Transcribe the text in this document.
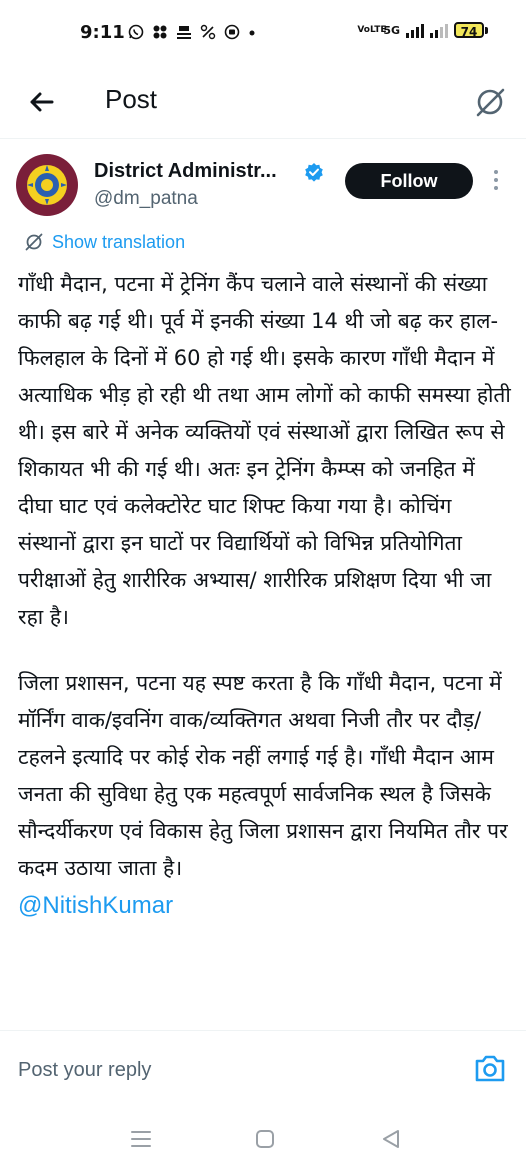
9:11	VoLTE
5G	74
Post
District Administr...
@dm_patna
Follow
Show translation

गाँधी मैदान, पटना में ट्रेनिंग कैंप चलाने वाले संस्थानों की संख्या काफी बढ़ गई थी। पूर्व में इनकी संख्या 14 थी जो बढ़ कर हाल-फिलहाल के दिनों में 60 हो गई थी। इसके कारण गाँधी मैदान में अत्याधिक भीड़ हो रही थी तथा आम लोगों को काफी समस्या होती थी। इस बारे में अनेक व्यक्तियों एवं संस्थाओं द्वारा लिखित रूप से शिकायत भी की गई थी। अतः इन ट्रेनिंग कैम्प्स को जनहित में दीघा घाट एवं कलेक्टोरेट घाट शिफ्ट किया गया है। कोचिंग संस्थानों द्वारा इन घाटों पर विद्यार्थियों को विभिन्न प्रतियोगिता परीक्षाओं हेतु शारीरिक अभ्यास/ शारीरिक प्रशिक्षण दिया भी जा रहा है।

जिला प्रशासन, पटना यह स्पष्ट करता है कि गाँधी मैदान, पटना में मॉर्निंग वाक/इवनिंग वाक/व्यक्तिगत अथवा निजी तौर पर दौड़/टहलने इत्यादि पर कोई रोक नहीं लगाई गई है। गाँधी मैदान आम जनता की सुविधा हेतु एक महत्वपूर्ण सार्वजनिक स्थल है जिसके सौन्दर्यीकरण एवं विकास हेतु जिला प्रशासन द्वारा नियमित तौर पर कदम उठाया जाता है।

@NitishKumar
Post your reply
